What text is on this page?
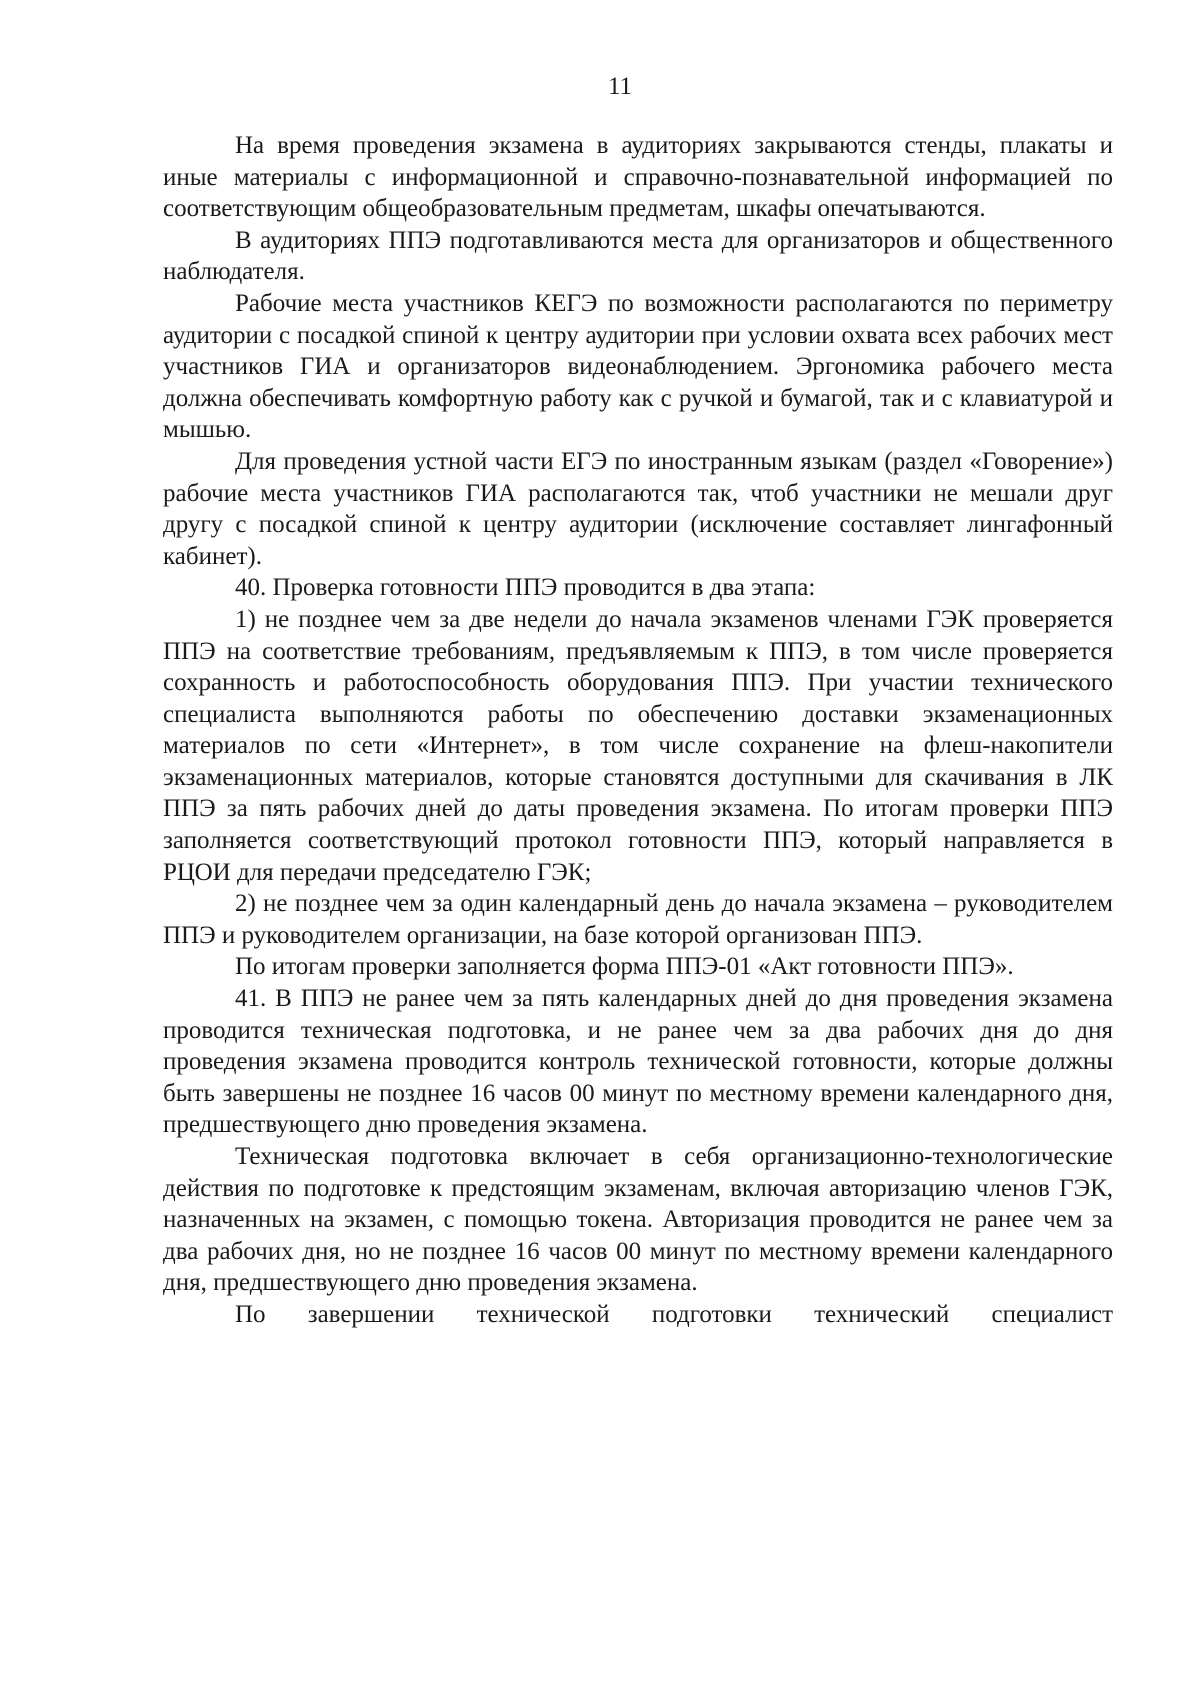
11

На время проведения экзамена в аудиториях закрываются стенды, плакаты и иные материалы с информационной и справочно-познавательной информацией по соответствующим общеобразовательным предметам, шкафы опечатываются.

В аудиториях ППЭ подготавливаются места для организаторов и общественного наблюдателя.

Рабочие места участников КЕГЭ по возможности располагаются по периметру аудитории с посадкой спиной к центру аудитории при условии охвата всех рабочих мест участников ГИА и организаторов видеонаблюдением. Эргономика рабочего места должна обеспечивать комфортную работу как с ручкой и бумагой, так и с клавиатурой и мышью.

Для проведения устной части ЕГЭ по иностранным языкам (раздел «Говорение») рабочие места участников ГИА располагаются так, чтоб участники не мешали друг другу с посадкой спиной к центру аудитории (исключение составляет лингафонный кабинет).

40. Проверка готовности ППЭ проводится в два этапа:

1) не позднее чем за две недели до начала экзаменов членами ГЭК проверяется ППЭ на соответствие требованиям, предъявляемым к ППЭ, в том числе проверяется сохранность и работоспособность оборудования ППЭ. При участии технического специалиста выполняются работы по обеспечению доставки экзаменационных материалов по сети «Интернет», в том числе сохранение на флеш-накопители экзаменационных материалов, которые становятся доступными для скачивания в ЛК ППЭ за пять рабочих дней до даты проведения экзамена. По итогам проверки ППЭ заполняется соответствующий протокол готовности ППЭ, который направляется в РЦОИ для передачи председателю ГЭК;

2) не позднее чем за один календарный день до начала экзамена – руководителем ППЭ и руководителем организации, на базе которой организован ППЭ.

По итогам проверки заполняется форма ППЭ-01 «Акт готовности ППЭ».

41. В ППЭ не ранее чем за пять календарных дней до дня проведения экзамена проводится техническая подготовка, и не ранее чем за два рабочих дня до дня проведения экзамена проводится контроль технической готовности, которые должны быть завершены не позднее 16 часов 00 минут по местному времени календарного дня, предшествующего дню проведения экзамена.

Техническая подготовка включает в себя организационно-технологические действия по подготовке к предстоящим экзаменам, включая авторизацию членов ГЭК, назначенных на экзамен, с помощью токена. Авторизация проводится не ранее чем за два рабочих дня, но не позднее 16 часов 00 минут по местному времени календарного дня, предшествующего дню проведения экзамена.

По завершении технической подготовки технический специалист
